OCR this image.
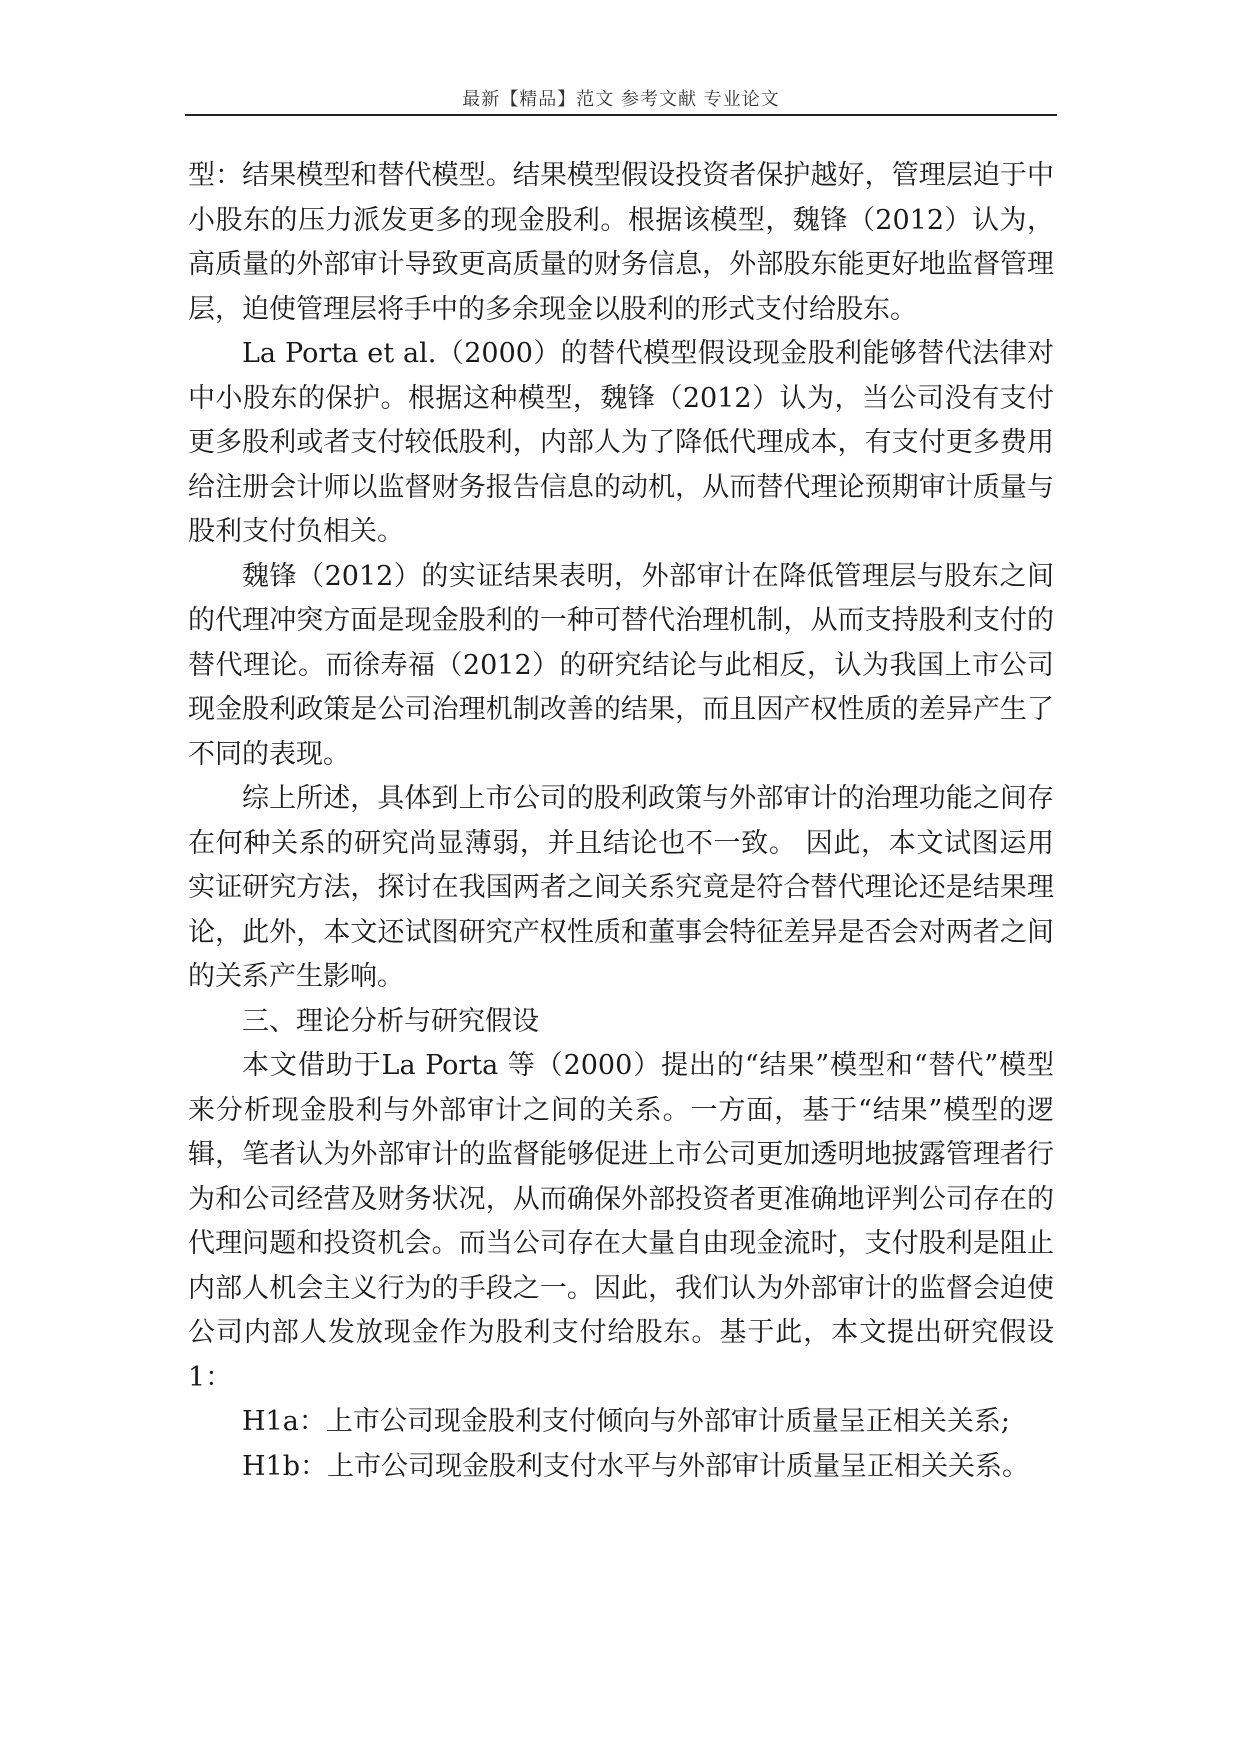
最新【精品】范文 参考文献 专业论文

型：结果模型和替代模型。结果模型假设投资者保护越好，管理层迫于中小股东的压力派发更多的现金股利。根据该模型，魏锋（2012）认为，高质量的外部审计导致更高质量的财务信息，外部股东能更好地监督管理层，迫使管理层将手中的多余现金以股利的形式支付给股东。

La Porta et al.（2000）的替代模型假设现金股利能够替代法律对中小股东的保护。根据这种模型，魏锋（2012）认为，当公司没有支付更多股利或者支付较低股利，内部人为了降低代理成本，有支付更多费用给注册会计师以监督财务报告信息的动机，从而替代理论预期审计质量与股利支付负相关。

魏锋（2012）的实证结果表明，外部审计在降低管理层与股东之间的代理冲突方面是现金股利的一种可替代治理机制，从而支持股利支付的替代理论。而徐寿福（2012）的研究结论与此相反，认为我国上市公司现金股利政策是公司治理机制改善的结果，而且因产权性质的差异产生了不同的表现。

综上所述，具体到上市公司的股利政策与外部审计的治理功能之间存在何种关系的研究尚显薄弱，并且结论也不一致。 因此，本文试图运用实证研究方法，探讨在我国两者之间关系究竟是符合替代理论还是结果理论，此外，本文还试图研究产权性质和董事会特征差异是否会对两者之间的关系产生影响。

三、理论分析与研究假设

本文借助于La Porta 等（2000）提出的“结果”模型和“替代”模型来分析现金股利与外部审计之间的关系。一方面，基于“结果”模型的逻辑，笔者认为外部审计的监督能够促进上市公司更加透明地披露管理者行为和公司经营及财务状况，从而确保外部投资者更准确地评判公司存在的代理问题和投资机会。而当公司存在大量自由现金流时，支付股利是阻止内部人机会主义行为的手段之一。因此，我们认为外部审计的监督会迫使公司内部人发放现金作为股利支付给股东。基于此，本文提出研究假设1：

H1a：上市公司现金股利支付倾向与外部审计质量呈正相关关系;

H1b：上市公司现金股利支付水平与外部审计质量呈正相关关系。
